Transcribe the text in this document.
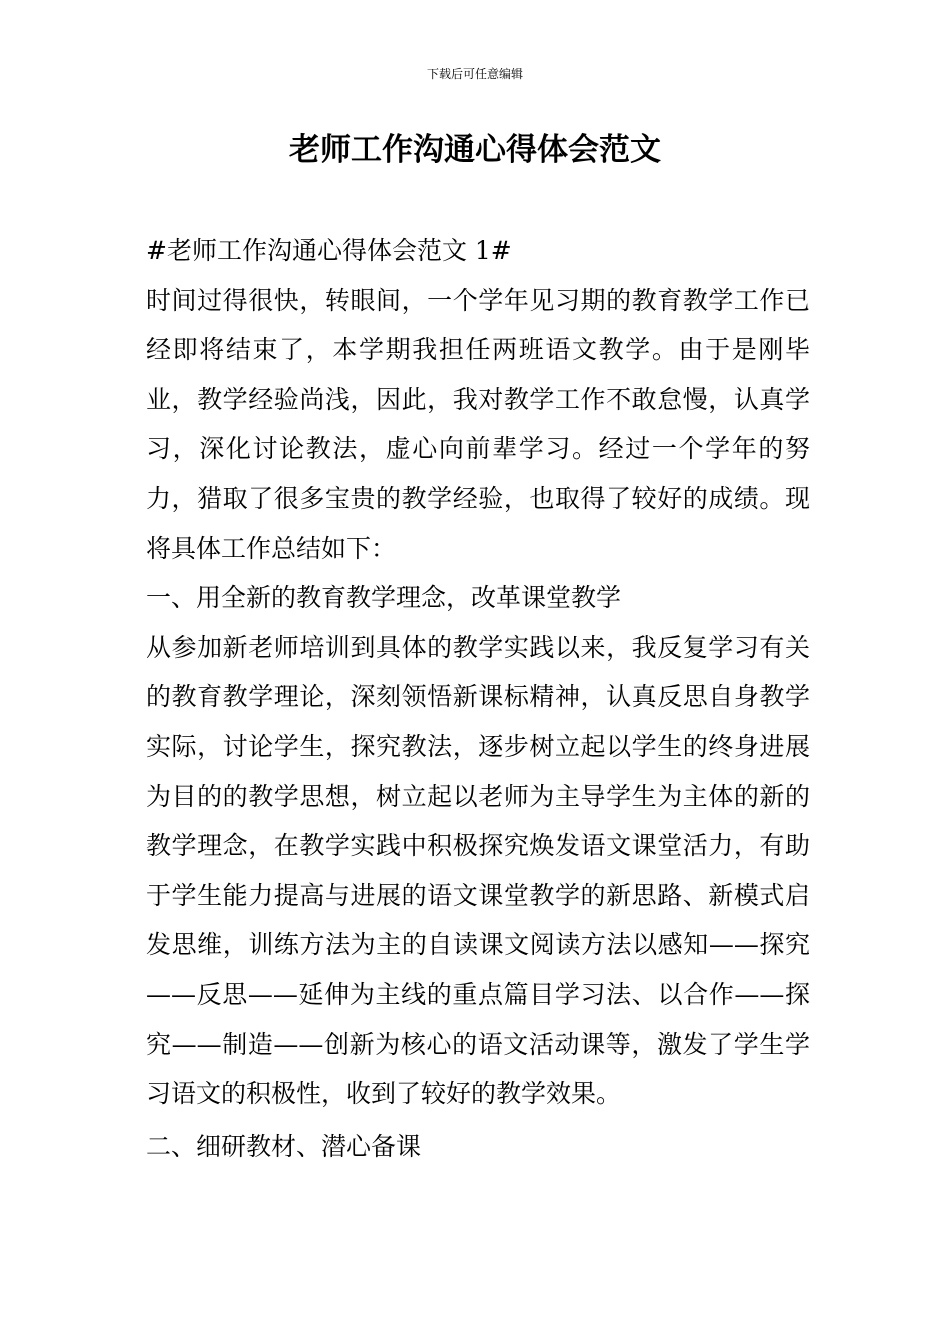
下载后可任意编辑
老师工作沟通心得体会范文

#老师工作沟通心得体会范文 1#

时间过得很快，转眼间，一个学年见习期的教育教学工作已经即将结束了，本学期我担任两班语文教学。由于是刚毕业，教学经验尚浅，因此，我对教学工作不敢怠慢，认真学习，深化讨论教法，虚心向前辈学习。经过一个学年的努力，猎取了很多宝贵的教学经验，也取得了较好的成绩。现将具体工作总结如下：

一、用全新的教育教学理念，改革课堂教学

从参加新老师培训到具体的教学实践以来，我反复学习有关的教育教学理论，深刻领悟新课标精神，认真反思自身教学实际，讨论学生，探究教法，逐步树立起以学生的终身进展为目的的教学思想，树立起以老师为主导学生为主体的新的教学理念，在教学实践中积极探究焕发语文课堂活力，有助于学生能力提高与进展的语文课堂教学的新思路、新模式启发思维，训练方法为主的自读课文阅读方法以感知——探究——反思——延伸为主线的重点篇目学习法、以合作——探究——制造——创新为核心的语文活动课等，激发了学生学习语文的积极性，收到了较好的教学效果。

二、细研教材、潜心备课
